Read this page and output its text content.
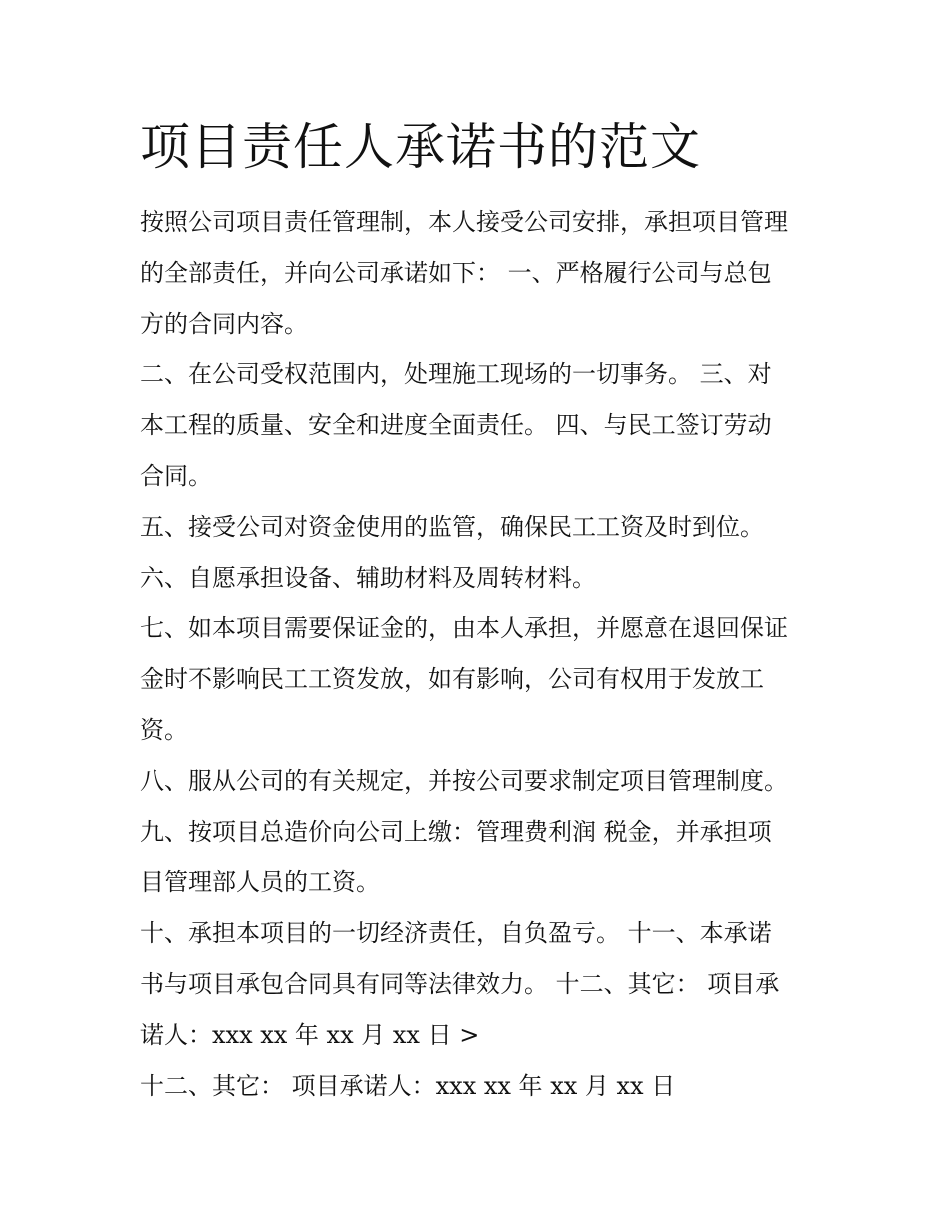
项目责任人承诺书的范文

按照公司项目责任管理制，本人接受公司安排，承担项目管理
的全部责任，并向公司承诺如下： 一、严格履行公司与总包
方的合同内容。

二、在公司受权范围内，处理施工现场的一切事务。 三、对
本工程的质量、安全和进度全面责任。 四、与民工签订劳动
合同。

五、接受公司对资金使用的监管，确保民工工资及时到位。

六、自愿承担设备、辅助材料及周转材料。

七、如本项目需要保证金的，由本人承担，并愿意在退回保证
金时不影响民工工资发放，如有影响，公司有权用于发放工
资。

八、服从公司的有关规定，并按公司要求制定项目管理制度。

九、按项目总造价向公司上缴：管理费利润 税金，并承担项
目管理部人员的工资。

十、承担本项目的一切经济责任，自负盈亏。 十一、本承诺
书与项目承包合同具有同等法律效力。 十二、其它： 项目承
诺人：xxx xx 年 xx 月 xx 日 >

十二、其它： 项目承诺人：xxx xx 年 xx 月 xx 日
